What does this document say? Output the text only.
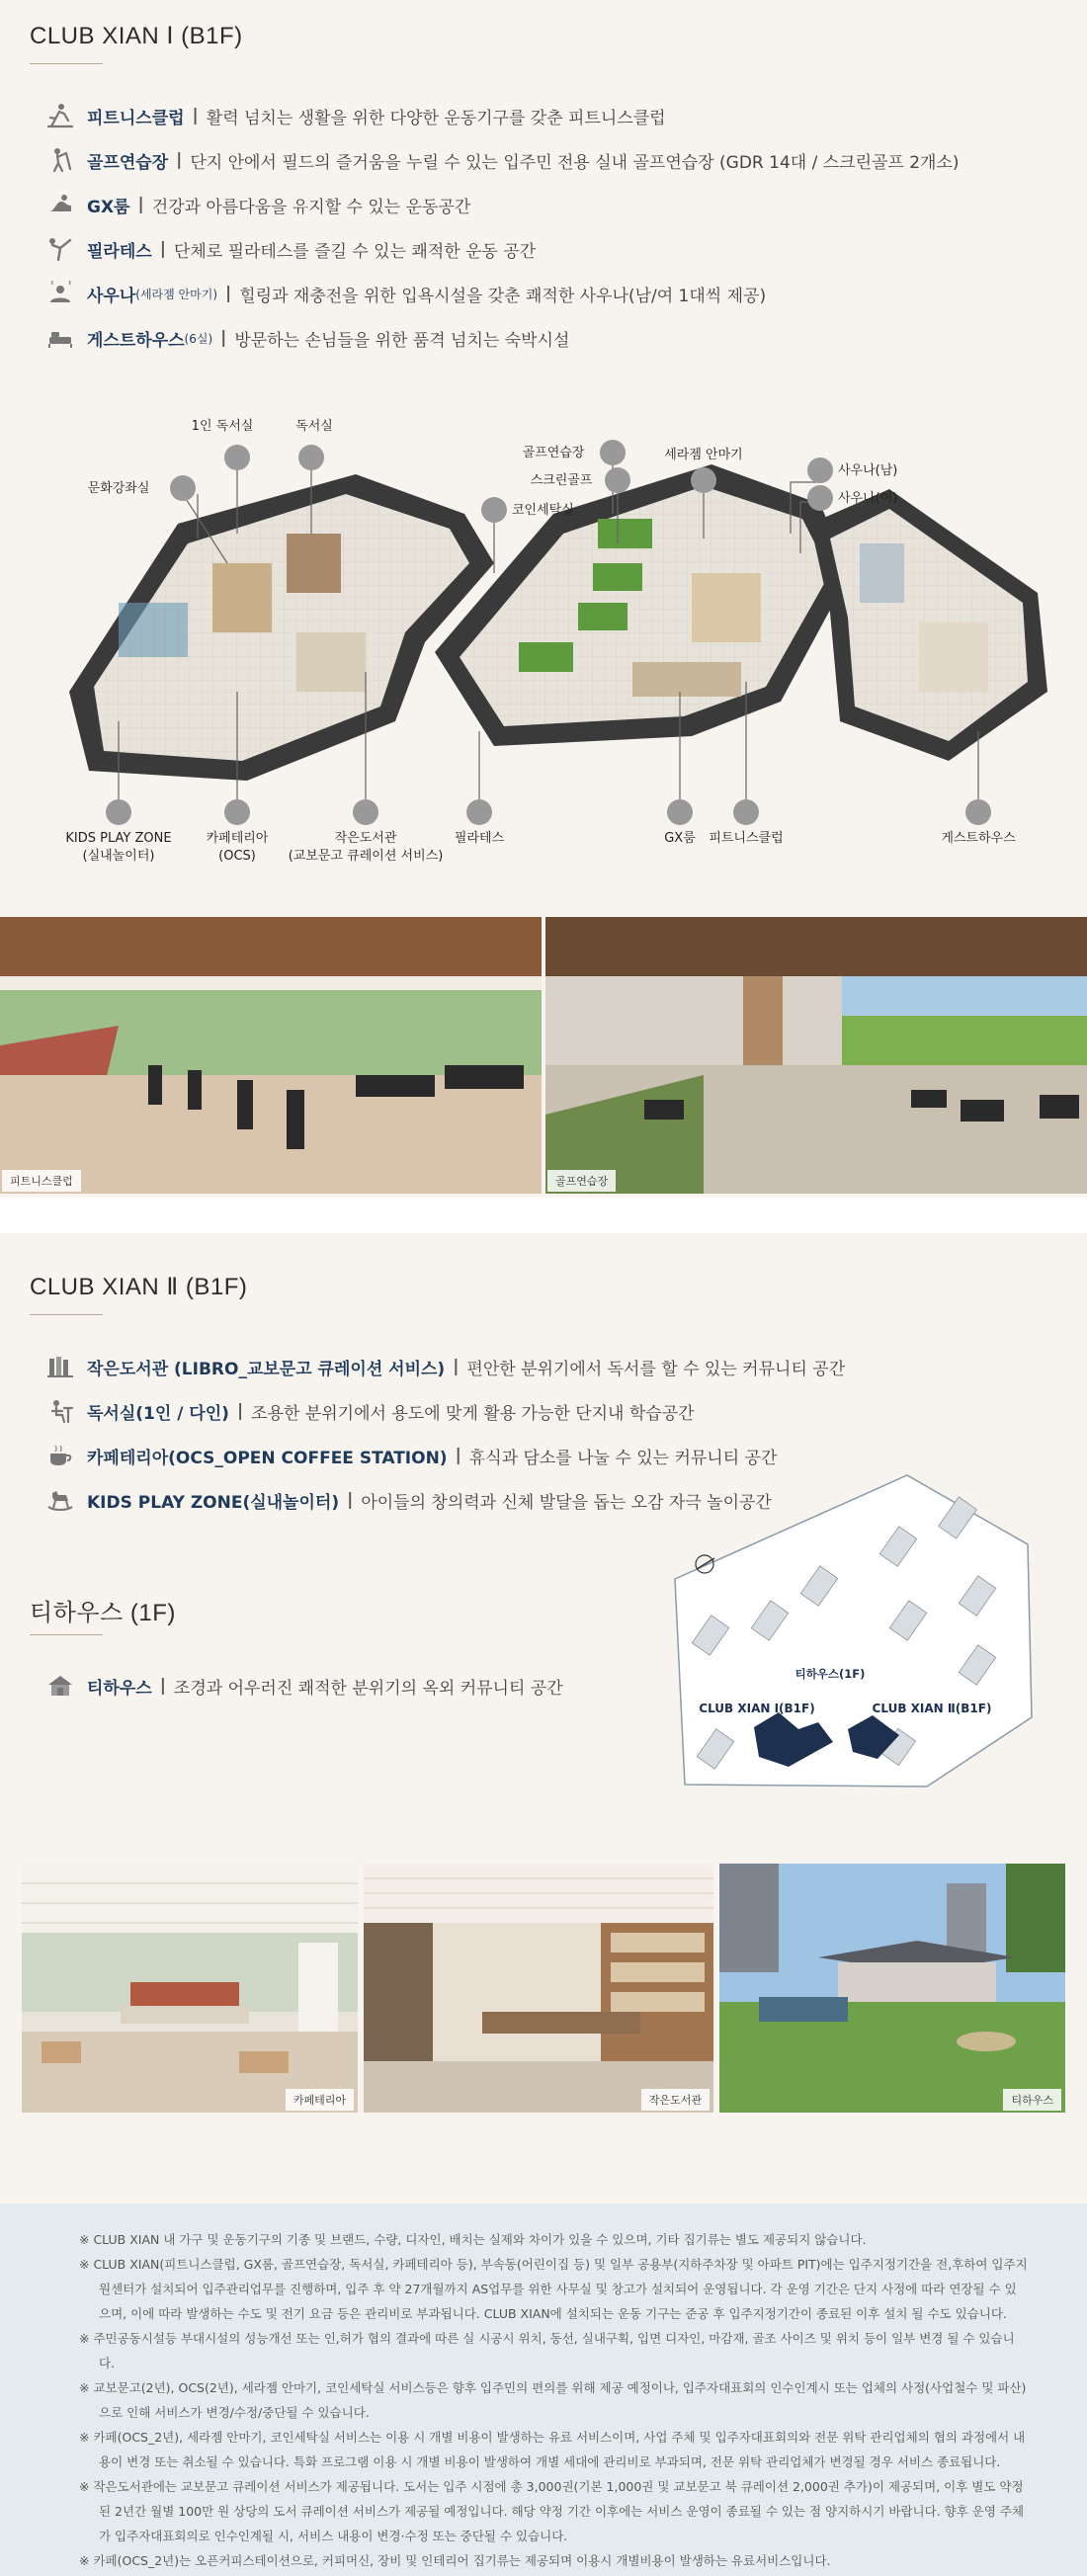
CLUB XIAN Ⅰ (B1F)
피트니스클럽 | 활력 넘치는 생활을 위한 다양한 운동기구를 갖춘 피트니스클럽
골프연습장 | 단지 안에서 필드의 즐거움을 누릴 수 있는 입주민 전용 실내 골프연습장 (GDR 14대 / 스크린골프 2개소)
GX룸 | 건강과 아름다움을 유지할 수 있는 운동공간
필라테스 | 단체로 필라테스를 즐길 수 있는 쾌적한 운동 공간
사우나 (세라젬 안마기) | 힐링과 재충전을 위한 입욕시설을 갖춘 쾌적한 사우나(남/여 1대씩 제공)
게스트하우스 (6실) | 방문하는 손님들을 위한 품격 넘치는 숙박시설
1인 독서실	독서실
문화강좌실
골프연습장
스크린골프
세라젬 안마기
사우나(남)
사우나(여)
코인세탁실
KIDS PLAY ZONE
(실내놀이터)
카페테리아
(OCS)
작은도서관
(교보문고 큐레이션 서비스)
필라테스	GX룸 피트니스클럽	게스트하우스
피트니스클럽	골프연습장
CLUB XIAN Ⅱ (B1F)
작은도서관 (LIBRO_교보문고 큐레이션 서비스) | 편안한 분위기에서 독서를 할 수 있는 커뮤니티 공간
독서실(1인 / 다인) | 조용한 분위기에서 용도에 맞게 활용 가능한 단지내 학습공간
카페테리아(OCS_OPEN COFFEE STATION) | 휴식과 담소를 나눌 수 있는 커뮤니티 공간
KIDS PLAY ZONE(실내놀이터) | 아이들의 창의력과 신체 발달을 돕는 오감 자극 놀이공간
티하우스 (1F)
티하우스 | 조경과 어우러진 쾌적한 분위기의 옥외 커뮤니티 공간
티하우스(1F)
CLUB XIAN Ⅰ(B1F)	CLUB XIAN Ⅱ(B1F)
카페테리아	작은도서관	티하우스
※ CLUB XIAN 내 가구 및 운동기구의 기종 및 브랜드, 수량, 디자인, 배치는 실제와 차이가 있을 수 있으며, 기타 집기류는 별도 제공되지 않습니다.
※ CLUB XIAN(피트니스클럽, GX룸, 골프연습장, 독서실, 카페테리아 등), 부속동(어린이집 등) 및 일부 공용부(지하주차장 및 아파트 PIT)에는 입주지정기간을 전,후하여 입주지원센터가 설치되어 입주관리업무를 진행하며, 입주 후 약 27개월까지 AS업무를 위한 사무실 및 창고가 설치되어 운영됩니다. 각 운영 기간은 단지 사정에 따라 연장될 수 있으며, 이에 따라 발생하는 수도 및 전기 요금 등은 관리비로 부과됩니다. CLUB XIAN에 설치되는 운동 기구는 준공 후 입주지정기간이 종료된 이후 설치 될 수도 있습니다.
※ 주민공동시설등 부대시설의 성능개선 또는 인,허가 협의 결과에 따른 실 시공시 위치, 동선, 실내구획, 입면 디자인, 마감재, 골조 사이즈 및 위치 등이 일부 변경 될 수 있습니다.
※ 교보문고(2년), OCS(2년), 세라젬 안마기, 코인세탁실 서비스등은 향후 입주민의 편의를 위해 제공 예정이나, 입주자대표회의 인수인계시 또는 업체의 사정(사업철수 및 파산)으로 인해 서비스가 변경/수정/중단될 수 있습니다.
※ 카페(OCS_2년), 세라젬 안마기, 코인세탁실 서비스는 이용 시 개별 비용이 발생하는 유료 서비스이며, 사업 주체 및 입주자대표회의와 전문 위탁 관리업체의 협의 과정에서 내용이 변경 또는 취소될 수 있습니다. 특화 프로그램 이용 시 개별 비용이 발생하여 개별 세대에 관리비로 부과되며, 전문 위탁 관리업체가 변경될 경우 서비스 종료됩니다.
※ 작은도서관에는 교보문고 큐레이션 서비스가 제공됩니다. 도서는 입주 시점에 총 3,000권(기본 1,000권 및 교보문고 북 큐레이션 2,000권 추가)이 제공되며, 이후 별도 약정된 2년간 월별 100만 원 상당의 도서 큐레이션 서비스가 제공될 예정입니다. 해당 약정 기간 이후에는 서비스 운영이 종료될 수 있는 점 양지하시기 바랍니다. 향후 운영 주체가 입주자대표회의로 인수인계될 시, 서비스 내용이 변경·수정 또는 중단될 수 있습니다.
※ 카페(OCS_2년)는 오픈커피스테이션으로, 커피머신, 장비 및 인테리어 집기류는 제공되며 이용시 개별비용이 발생하는 유료서비스입니다.
